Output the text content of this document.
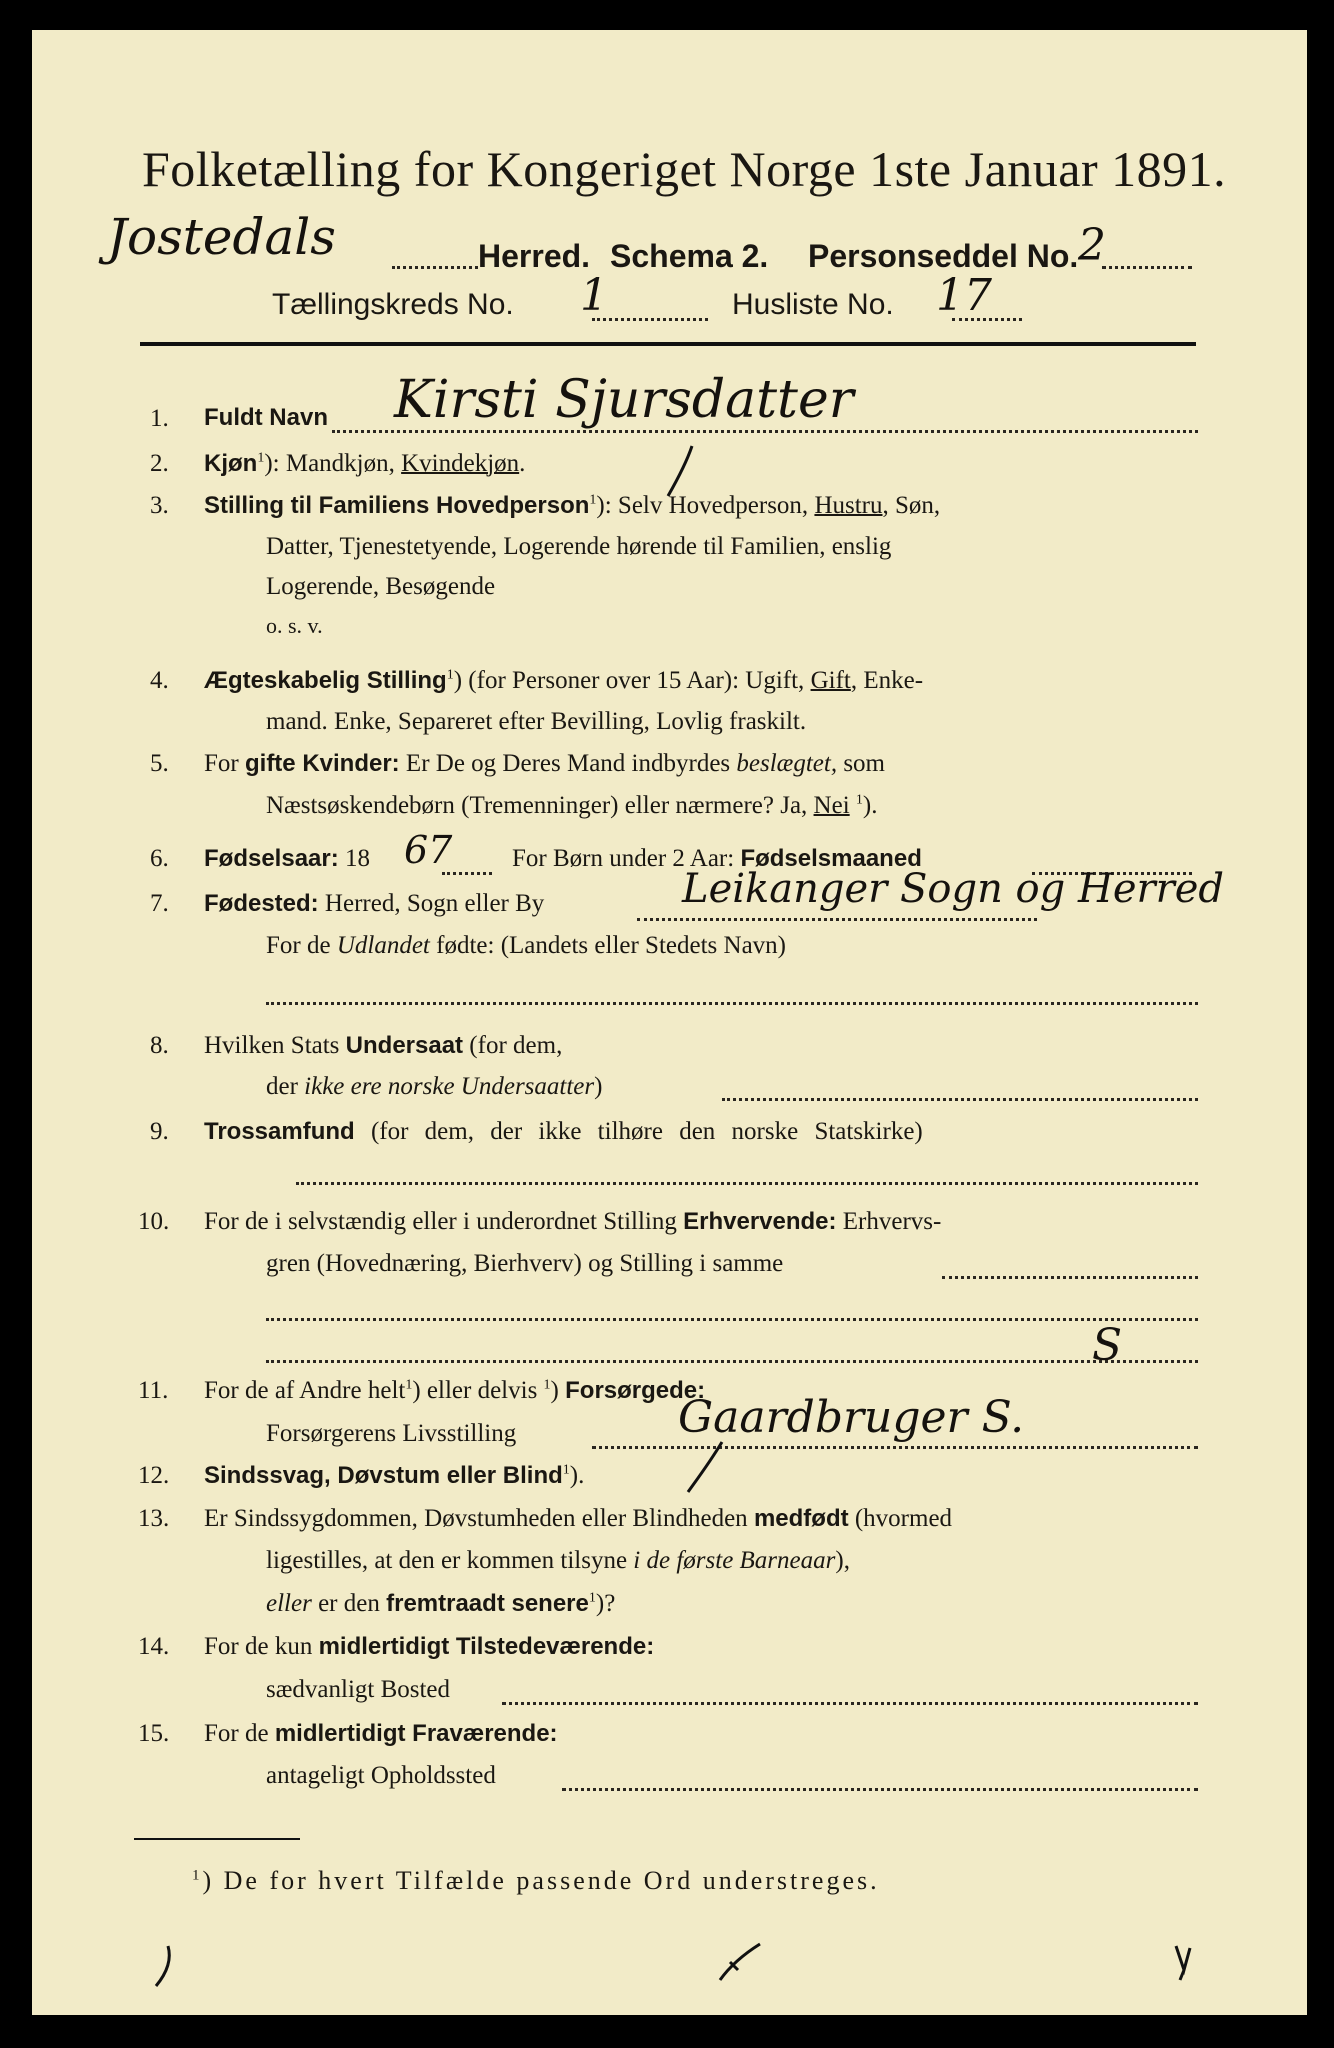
Folketælling for Kongeriget Norge 1ste Januar 1891.
Jostedals	Herred. Schema 2. Personseddel No. 2
Tællingskreds No. 1	Husliste No. 17
1. Fuldt Navn Kirsti Sjursdatter
2. Kjøn$^1$): Mandkjøn, Kvindekjøn.
3. Stilling til Familiens Hovedperson$^1$): Selv Hovedperson, Hustru, Søn,
Datter, Tjenestetyende, Logerende hørende til Familien, enslig
Logerende, Besøgende
o. s. v.
4. Ægteskabelig Stilling$^1$) (for Personer over 15 Aar): Ugift, Gift, Enke-
mand. Enke, Separeret efter Bevilling, Lovlig fraskilt.
5. For gifte Kvinder: Er De og Deres Mand indbyrdes beslægtet, som
Næstsøskendebørn (Tremenninger) eller nærmere? Ja, Nei $^1$).
6. Fødselsaar: 18 67 For Børn under 2 Aar: Fødselsmaaned
7. Fødested: Herred, Sogn eller By	Leikanger Sogn og Herred
For de Udlandet fødte: (Landets eller Stedets Navn)
8. Hvilken Stats Undersaat (for dem,
der ikke ere norske Undersaatter)
9. Trossamfund (for dem, der ikke tilhøre den norske Statskirke)
10. For de i selvstændig eller i underordnet Stilling Erhvervende: Erhvervs-
gren (Hovednæring, Bierhverv) og Stilling i samme
11. For de af Andre helt$^1$) eller delvis $^1$) Forsørgede:
S
Forsørgerens Livsstilling	Gaardbruger S.
12. Sindssvag, Døvstum eller Blind$^1$).
13. Er Sindssygdommen, Døvstumheden eller Blindheden medfødt (hvormed
ligestilles, at den er kommen tilsyne i de første Barneaar),
eller er den fremtraadt senere$^1$)?
14. For de kun midlertidigt Tilstedeværende:
sædvanligt Bosted
15. For de midlertidigt Fraværende:
antageligt Opholdssted
$^1$) De for hvert Tilfælde passende Ord understreges.
